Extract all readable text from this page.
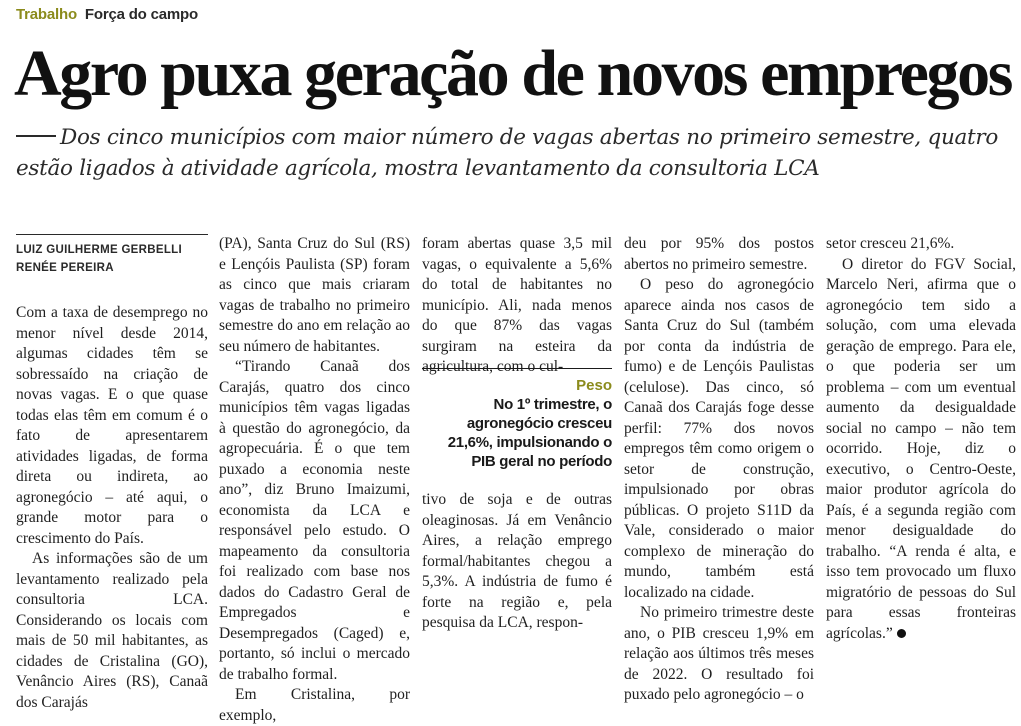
Trabalho Força do campo
Agro puxa geração de novos empregos
Dos cinco municípios com maior número de vagas abertas no primeiro semestre, quatro estão ligados à atividade agrícola, mostra levantamento da consultoria LCA
LUIZ GUILHERME GERBELLI
RENÉE PEREIRA

Com a taxa de desemprego no menor nível desde 2014, algumas cidades têm se sobressaído na criação de novas vagas. E o que quase todas elas têm em comum é o fato de apresentarem atividades ligadas, de forma direta ou indireta, ao agronegócio – até aqui, o grande motor para o crescimento do País.

As informações são de um levantamento realizado pela consultoria LCA. Considerando os locais com mais de 50 mil habitantes, as cidades de Cristalina (GO), Venâncio Aires (RS), Canaã dos Carajás

(PA), Santa Cruz do Sul (RS) e Lençóis Paulista (SP) foram as cinco que mais criaram vagas de trabalho no primeiro semestre do ano em relação ao seu número de habitantes.

“Tirando Canaã dos Carajás, quatro dos cinco municípios têm vagas ligadas à questão do agronegócio, da agropecuária. É o que tem puxado a economia neste ano”, diz Bruno Imaizumi, economista da LCA e responsável pelo estudo. O mapeamento da consultoria foi realizado com base nos dados do Cadastro Geral de Empregados e Desempregados (Caged) e, portanto, só inclui o mercado de trabalho formal.

Em Cristalina, por exemplo,

foram abertas quase 3,5 mil vagas, o equivalente a 5,6% do total de habitantes no município. Ali, nada menos do que 87% das vagas surgiram na esteira da agricultura, com o cul-

Peso
No 1º trimestre, o agronegócio cresceu 21,6%, impulsionando o PIB geral no período

tivo de soja e de outras oleaginosas. Já em Venâncio Aires, a relação emprego formal/habitantes chegou a 5,3%. A indústria de fumo é forte na região e, pela pesquisa da LCA, respon-

deu por 95% dos postos abertos no primeiro semestre.

O peso do agronegócio aparece ainda nos casos de Santa Cruz do Sul (também por conta da indústria de fumo) e de Lençóis Paulistas (celulose). Das cinco, só Canaã dos Carajás foge desse perfil: 77% dos novos empregos têm como origem o setor de construção, impulsionado por obras públicas. O projeto S11D da Vale, considerado o maior complexo de mineração do mundo, também está localizado na cidade.

No primeiro trimestre deste ano, o PIB cresceu 1,9% em relação aos últimos três meses de 2022. O resultado foi puxado pelo agronegócio – o

setor cresceu 21,6%.

O diretor do FGV Social, Marcelo Neri, afirma que o agronegócio tem sido a solução, com uma elevada geração de emprego. Para ele, o que poderia ser um problema – com um eventual aumento da desigualdade social no campo – não tem ocorrido. Hoje, diz o executivo, o Centro-Oeste, maior produtor agrícola do País, é a segunda região com menor desigualdade do trabalho. “A renda é alta, e isso tem provocado um fluxo migratório de pessoas do Sul para essas fronteiras agrícolas.”
